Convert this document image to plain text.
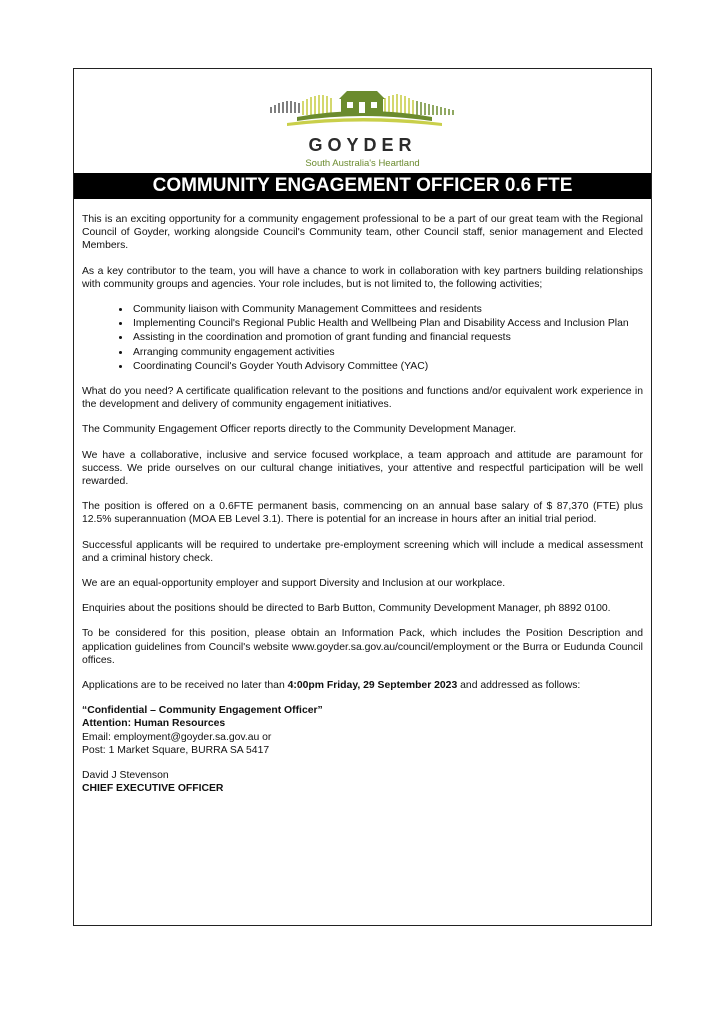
GOYDER
South Australia's Heartland
COMMUNITY ENGAGEMENT OFFICER 0.6 FTE

This is an exciting opportunity for a community engagement professional to be a part of our great team with the Regional Council of Goyder, working alongside Council's Community team, other Council staff, senior management and Elected Members.

As a key contributor to the team, you will have a chance to work in collaboration with key partners building relationships with community groups and agencies. Your role includes, but is not limited to, the following activities;

• Community liaison with Community Management Committees and residents
• Implementing Council's Regional Public Health and Wellbeing Plan and Disability Access and Inclusion Plan
• Assisting in the coordination and promotion of grant funding and financial requests
• Arranging community engagement activities
• Coordinating Council's Goyder Youth Advisory Committee (YAC)

What do you need? A certificate qualification relevant to the positions and functions and/or equivalent work experience in the development and delivery of community engagement initiatives.

The Community Engagement Officer reports directly to the Community Development Manager.

We have a collaborative, inclusive and service focused workplace, a team approach and attitude are paramount for success. We pride ourselves on our cultural change initiatives, your attentive and respectful participation will be well rewarded.

The position is offered on a 0.6FTE permanent basis, commencing on an annual base salary of $ 87,370 (FTE) plus 12.5% superannuation (MOA EB Level 3.1). There is potential for an increase in hours after an initial trial period.

Successful applicants will be required to undertake pre-employment screening which will include a medical assessment and a criminal history check.

We are an equal-opportunity employer and support Diversity and Inclusion at our workplace.

Enquiries about the positions should be directed to Barb Button, Community Development Manager, ph 8892 0100.

To be considered for this position, please obtain an Information Pack, which includes the Position Description and application guidelines from Council's website www.goyder.sa.gov.au/council/employment or the Burra or Eudunda Council offices.

Applications are to be received no later than 4:00pm Friday, 29 September 2023 and addressed as follows:

“Confidential – Community Engagement Officer”

Attention: Human Resources

Email: employment@goyder.sa.gov.au or

Post: 1 Market Square, BURRA SA 5417

David J Stevenson

CHIEF EXECUTIVE OFFICER
